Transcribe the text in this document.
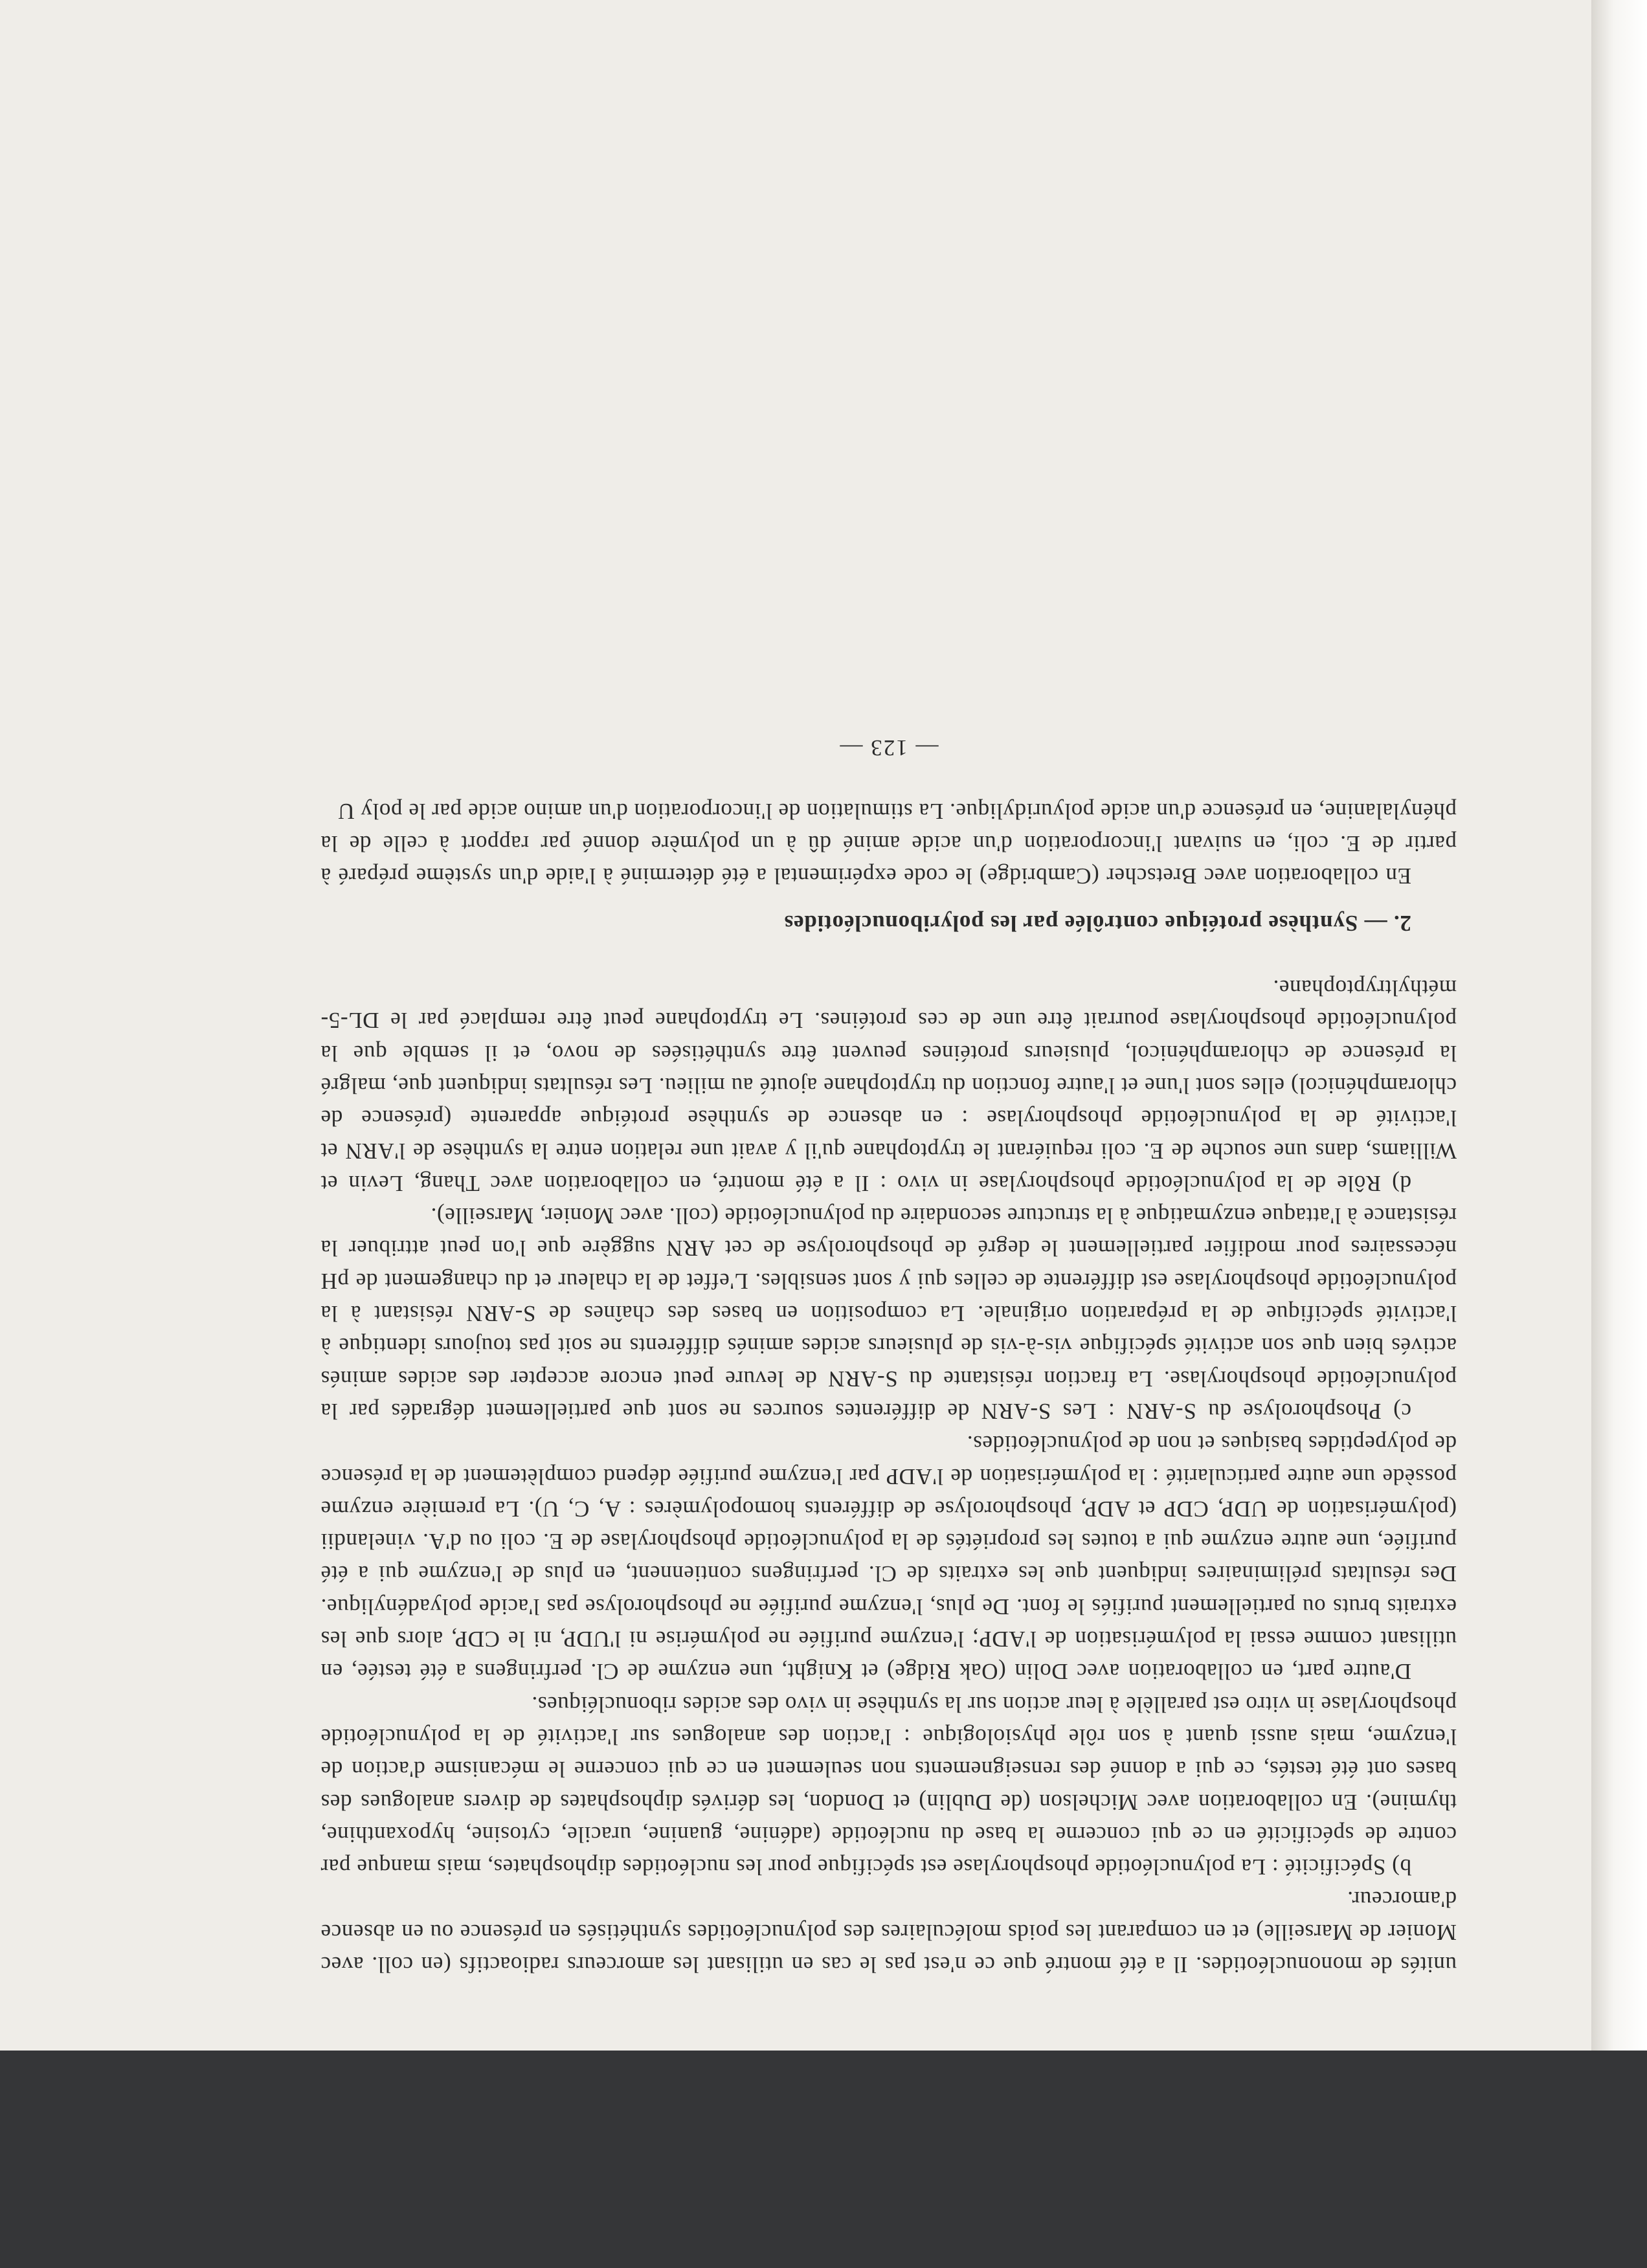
unités de mononucléotides. Il a été montré que ce n'est pas le cas en utilisant les amorceurs radioactifs (en coll. avec Monier de Marseille) et en comparant les poids moléculaires des polynucléotides synthétisés en présence ou en absence d'amorceur.

b) Spécificité : La polynucléotide phosphorylase est spécifique pour les nucléotides diphosphates, mais manque par contre de spécificité en ce qui concerne la base du nucléotide (adénine, guanine, uracile, cytosine, hypoxanthine, thymine). En collaboration avec Michelson (de Dublin) et Dondon, les dérivés diphosphates de divers analogues des bases ont été testés, ce qui a donné des renseignements non seulement en ce qui concerne le mécanisme d'action de l'enzyme, mais aussi quant à son rôle physiologique : l'action des analogues sur l'activité de la polynucléotide phosphorylase in vitro est parallèle à leur action sur la synthèse in vivo des acides ribonucléiques.

D'autre part, en collaboration avec Dolin (Oak Ridge) et Knight, une enzyme de Cl. perfringens a été testée, en utilisant comme essai la polymérisation de l'ADP; l'enzyme purifiée ne polymérise ni l'UDP, ni le CDP, alors que les extraits bruts ou partiellement purifiés le font. De plus, l'enzyme purifiée ne phosphorolyse pas l'acide polyadénylique. Des résultats préliminaires indiquent que les extraits de Cl. perfringens contiennent, en plus de l'enzyme qui a été purifiée, une autre enzyme qui a toutes les propriétés de la polynucléotide phosphorylase de E. coli ou d'A. vinelandii (polymérisation de UDP, CDP et ADP, phosphorolyse de différents homopolymères : A, C, U). La première enzyme possède une autre particularité : la polymérisation de l'ADP par l'enzyme purifiée dépend complètement de la présence de polypeptides basiques et non de polynucléotides.

c) Phosphorolyse du S-ARN : Les S-ARN de différentes sources ne sont que partiellement dégradés par la polynucléotide phosphorylase. La fraction résistante du S-ARN de levure peut encore accepter des acides aminés activés bien que son activité spécifique vis-à-vis de plusieurs acides aminés différents ne soit pas toujours identique à l'activité spécifique de la préparation originale. La composition en bases des chaînes de S-ARN résistant à la polynucléotide phosphorylase est différente de celles qui y sont sensibles. L'effet de la chaleur et du changement de pH nécessaires pour modifier partiellement le degré de phosphorolyse de cet ARN suggère que l'on peut attribuer la résistance à l'attaque enzymatique à la structure secondaire du polynucléotide (coll. avec Monier, Marseille).

d) Rôle de la polynucléotide phosphorylase in vivo : Il a été montré, en collaboration avec Thang, Levin et Williams, dans une souche de E. coli requiérant le tryptophane qu'il y avait une relation entre la synthèse de l'ARN et l'activité de la polynucléotide phosphorylase : en absence de synthèse protéique apparente (présence de chloramphénicol) elles sont l'une et l'autre fonction du tryptophane ajouté au milieu. Les résultats indiquent que, malgré la présence de chloramphénicol, plusieurs protéines peuvent être synthétisées de novo, et il semble que la polynucléotide phosphorylase pourrait être une de ces protéines. Le tryptophane peut être remplacé par le DL-5-méthyltryptophane.

2. — Synthèse protéique contrôlée par les polyribonucléotides

En collaboration avec Bretscher (Cambridge) le code expérimental a été déterminé à l'aide d'un système préparé à partir de E. coli, en suivant l'incorporation d'un acide aminé dû à un polymère donné par rapport à celle de la phénylalanine, en présence d'un acide polyuridylique. La stimulation de l'incorporation d'un amino acide par le poly U

— 123 —
